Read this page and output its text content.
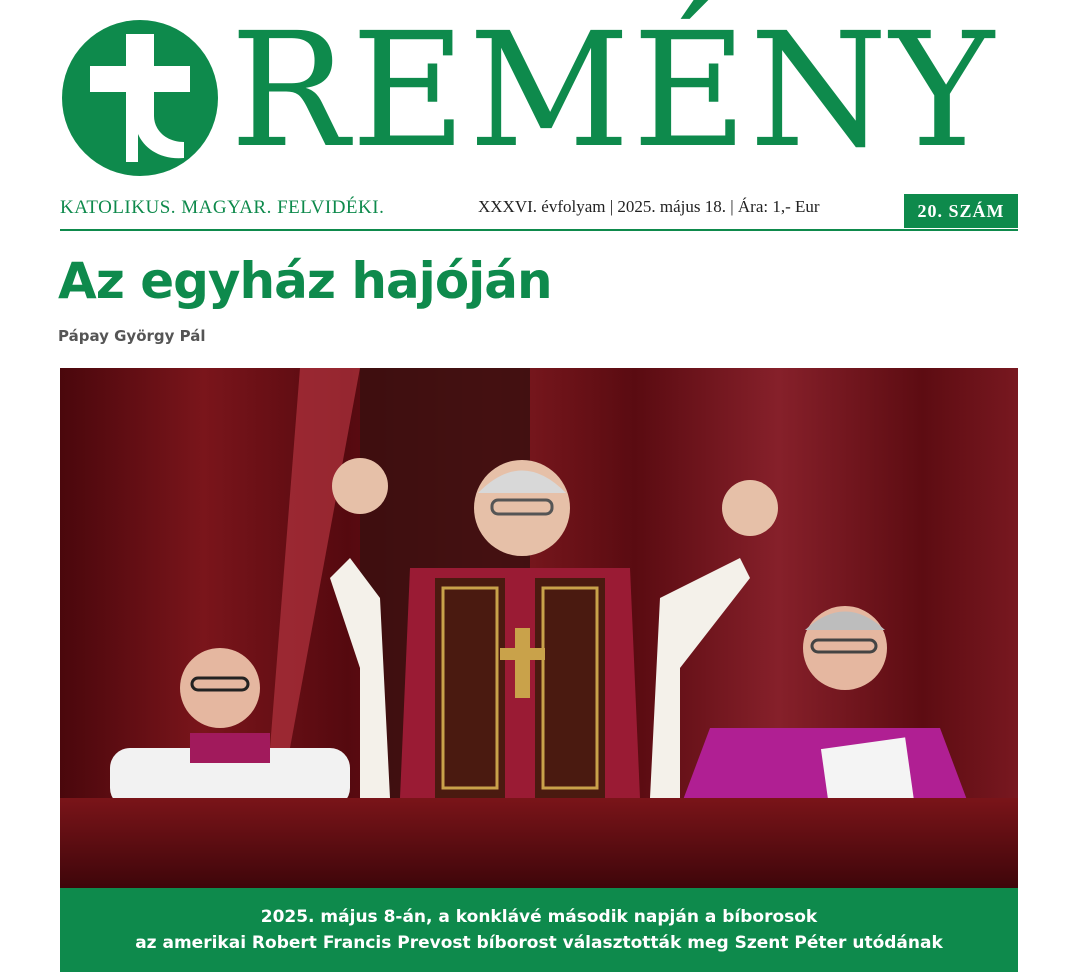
REMÉNY
KATOLIKUS. MAGYAR. FELVIDÉKI.	XXXVI. évfolyam | 2025. május 18. | Ára: 1,- Eur	20. SZÁM
Az egyház hajóján
Pápay György Pál
2025. május 8-án, a konklávé második napján a bíborosok
az amerikai Robert Francis Prevost bíborost választották meg Szent Péter utódának
